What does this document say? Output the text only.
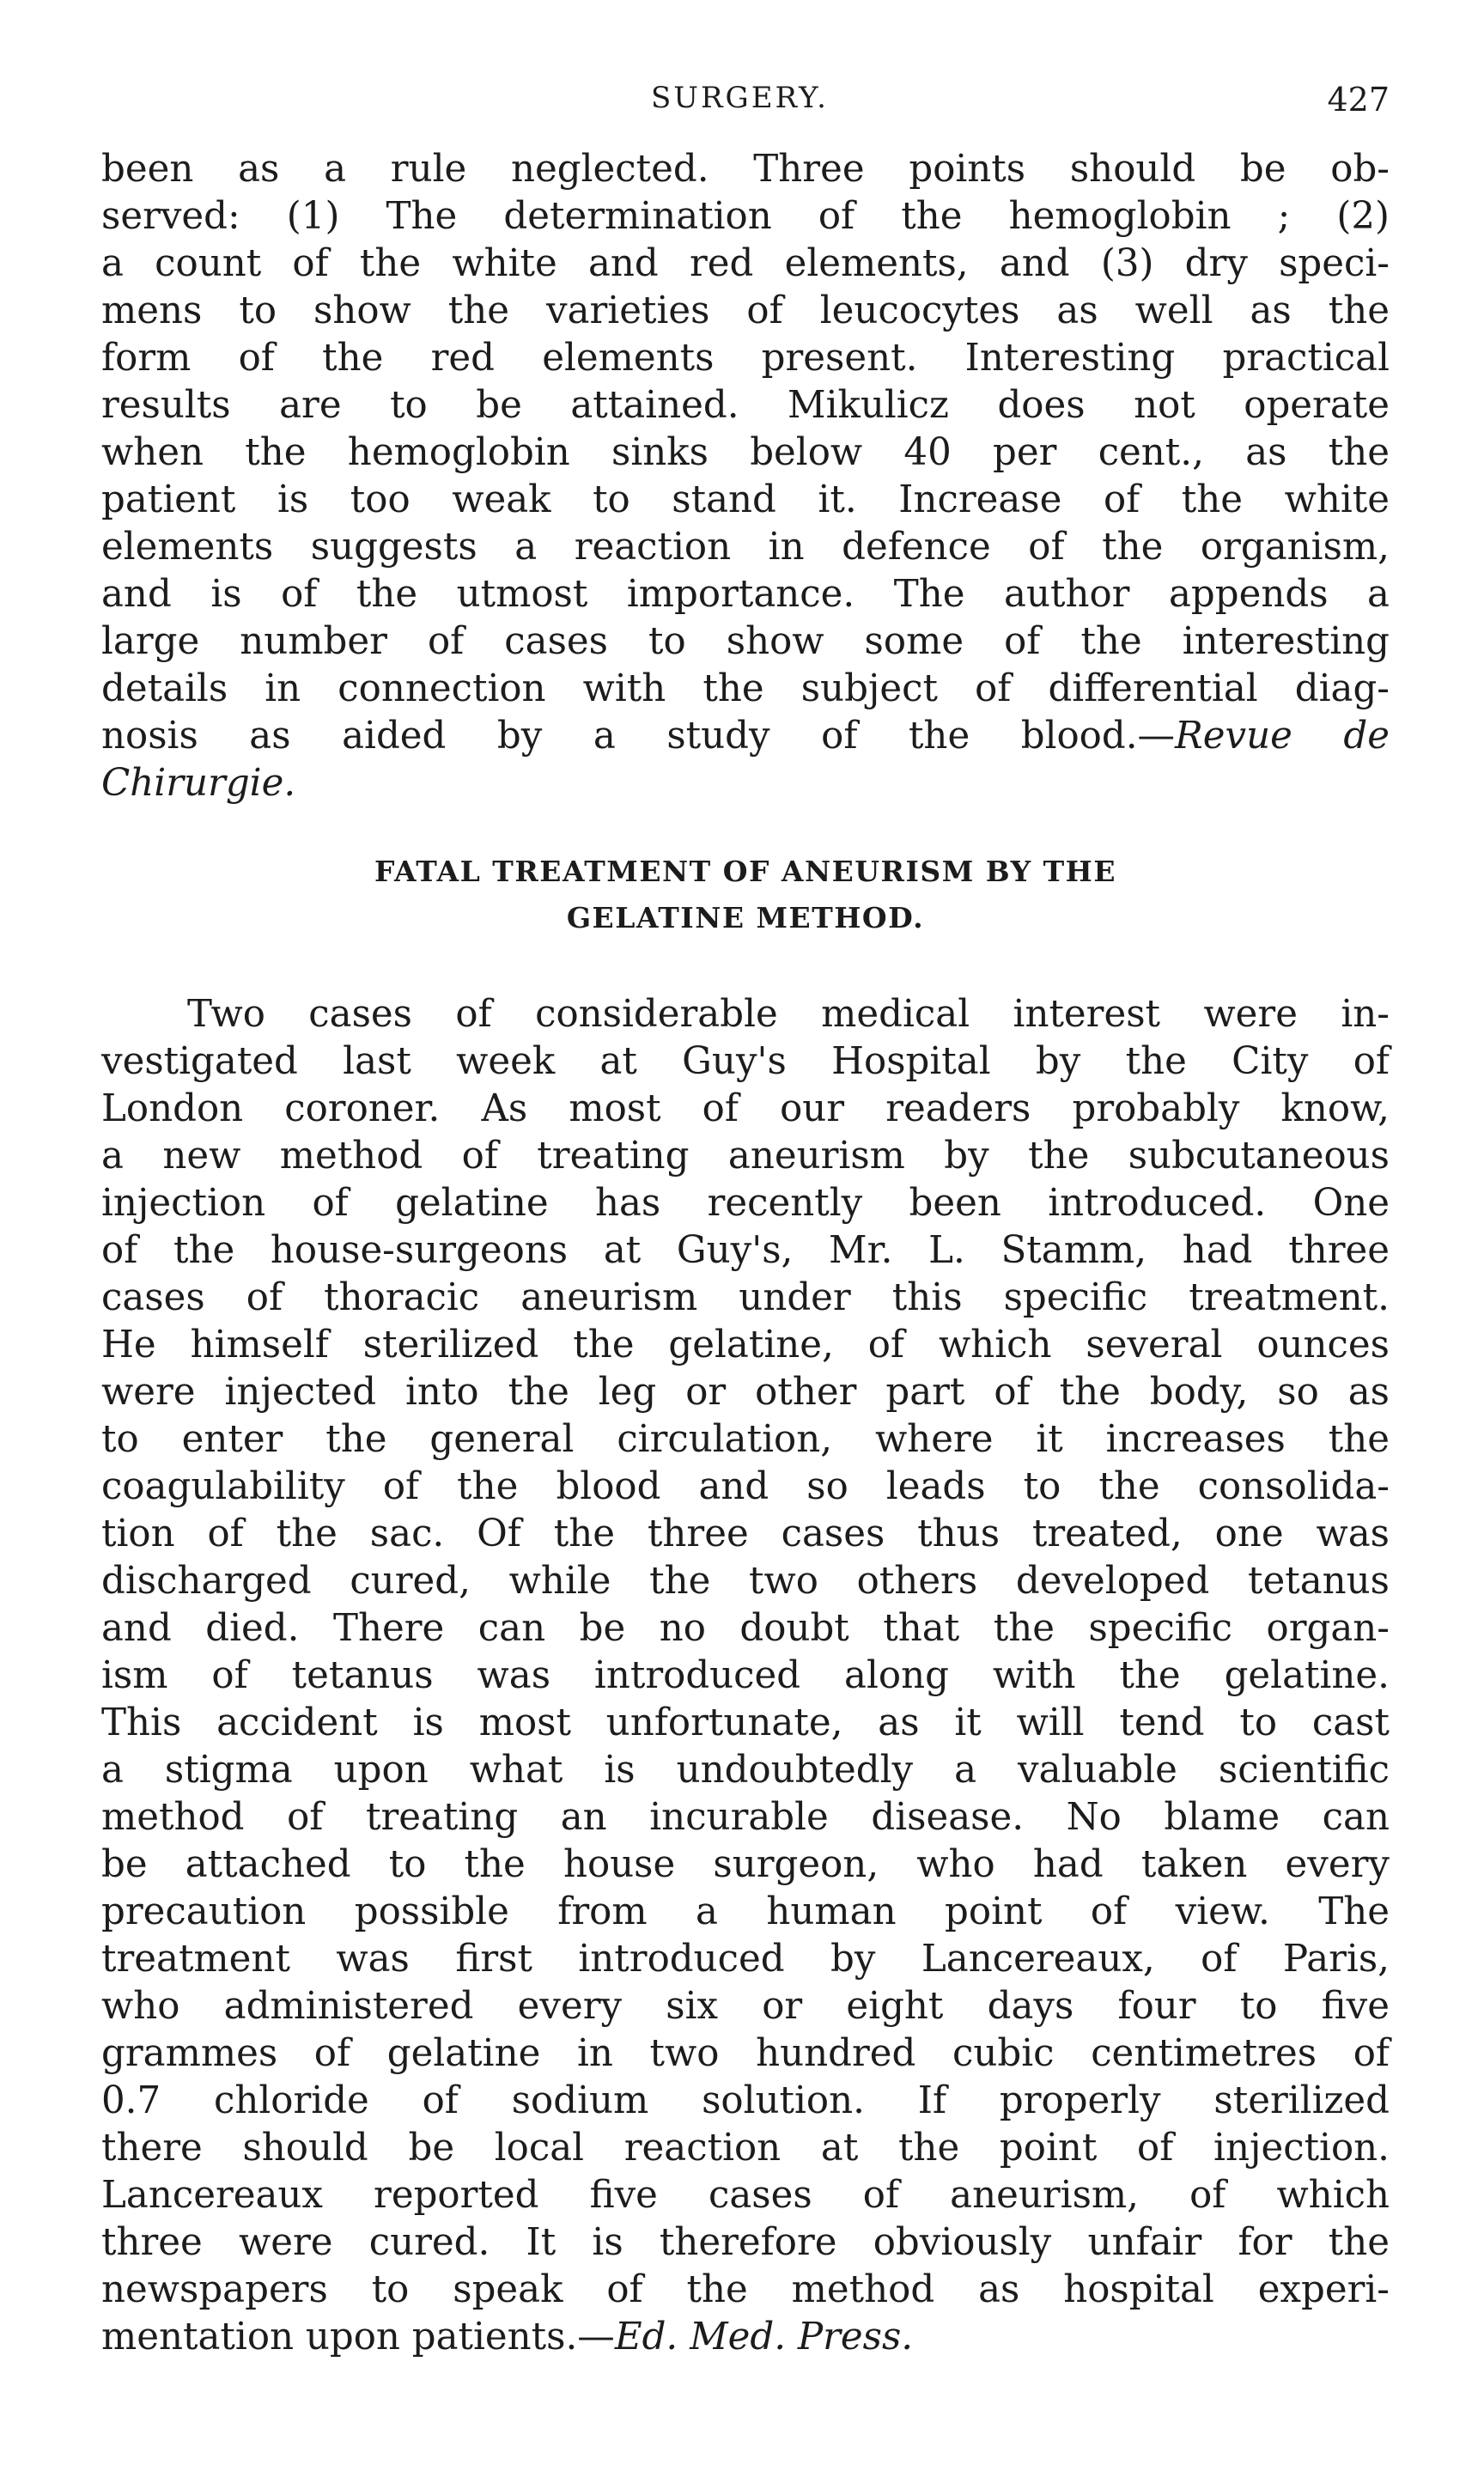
SURGERY.	427
been as a rule neglected. Three points should be ob-
served: (1) The determination of the hemoglobin ; (2)
a count of the white and red elements, and (3) dry speci-
mens to show the varieties of leucocytes as well as the
form of the red elements present. Interesting practical
results are to be attained. Mikulicz does not operate
when the hemoglobin sinks below 40 per cent., as the
patient is too weak to stand it. Increase of the white
elements suggests a reaction in defence of the organism,
and is of the utmost importance. The author appends a
large number of cases to show some of the interesting
details in connection with the subject of differential diag-
nosis as aided by a study of the blood.—Revue de
Chirurgie.
FATAL TREATMENT OF ANEURISM BY THE
GELATINE METHOD.
Two cases of considerable medical interest were in-
vestigated last week at Guy's Hospital by the City of
London coroner. As most of our readers probably know,
a new method of treating aneurism by the subcutaneous
injection of gelatine has recently been introduced. One
of the house-surgeons at Guy's, Mr. L. Stamm, had three
cases of thoracic aneurism under this specific treatment.
He himself sterilized the gelatine, of which several ounces
were injected into the leg or other part of the body, so as
to enter the general circulation, where it increases the
coagulability of the blood and so leads to the consolida-
tion of the sac. Of the three cases thus treated, one was
discharged cured, while the two others developed tetanus
and died. There can be no doubt that the specific organ-
ism of tetanus was introduced along with the gelatine.
This accident is most unfortunate, as it will tend to cast
a stigma upon what is undoubtedly a valuable scientific
method of treating an incurable disease. No blame can
be attached to the house surgeon, who had taken every
precaution possible from a human point of view. The
treatment was first introduced by Lancereaux, of Paris,
who administered every six or eight days four to five
grammes of gelatine in two hundred cubic centimetres of
0.7 chloride of sodium solution. If properly sterilized
there should be local reaction at the point of injection.
Lancereaux reported five cases of aneurism, of which
three were cured. It is therefore obviously unfair for the
newspapers to speak of the method as hospital experi-
mentation upon patients.—Ed. Med. Press.
